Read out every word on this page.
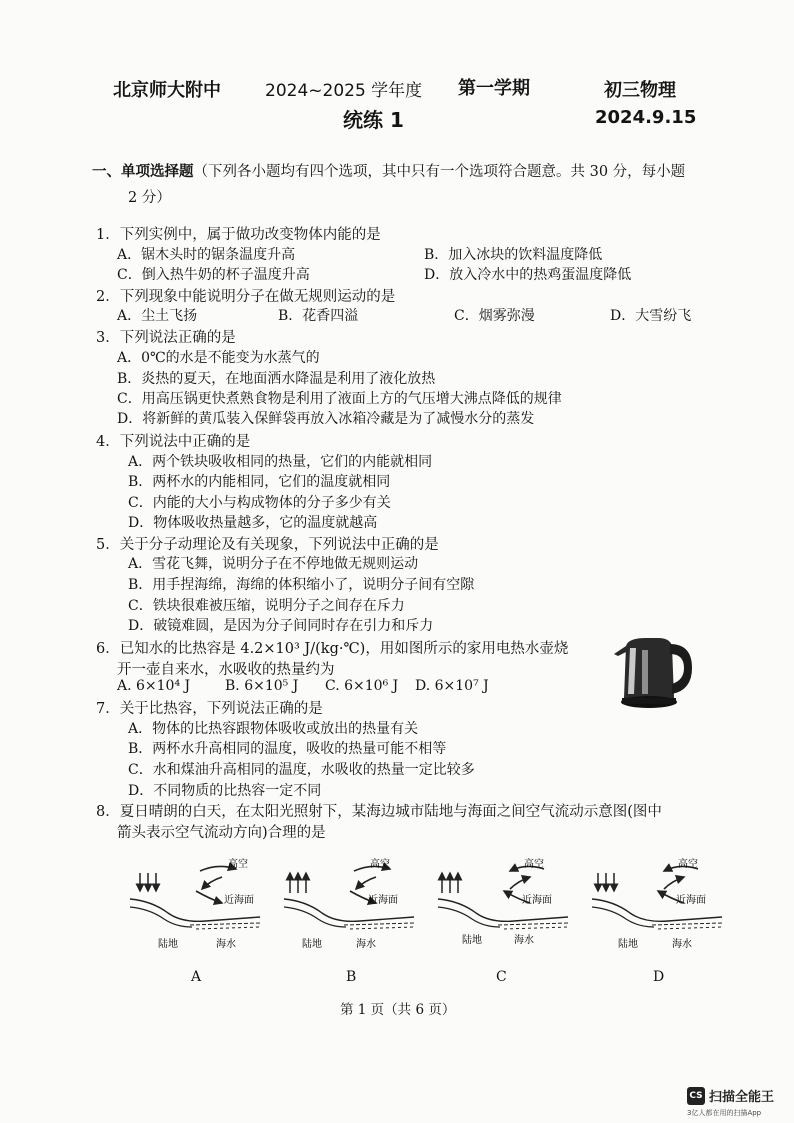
北京师大附中	2024~2025 学年度 第一学期	初三物理
统练 1	2024.9.15
一、单项选择题（下列各小题均有四个选项，其中只有一个选项符合题意。共 30 分，每小题
2 分）
1．下列实例中，属于做功改变物体内能的是
A．锯木头时的锯条温度升高	B．加入冰块的饮料温度降低
C．倒入热牛奶的杯子温度升高	D．放入冷水中的热鸡蛋温度降低
2．下列现象中能说明分子在做无规则运动的是
A．尘土飞扬	B．花香四溢	C．烟雾弥漫	D．大雪纷飞
3．下列说法正确的是
A．0℃的水是不能变为水蒸气的
B．炎热的夏天，在地面洒水降温是利用了液化放热
C．用高压锅更快煮熟食物是利用了液面上方的气压增大沸点降低的规律
D．将新鲜的黄瓜装入保鲜袋再放入冰箱冷藏是为了减慢水分的蒸发
4．下列说法中正确的是
A．两个铁块吸收相同的热量，它们的内能就相同
B．两杯水的内能相同，它们的温度就相同
C．内能的大小与构成物体的分子多少有关
D．物体吸收热量越多，它的温度就越高
5．关于分子动理论及有关现象，下列说法中正确的是
A．雪花飞舞，说明分子在不停地做无规则运动
B．用手捏海绵，海绵的体积缩小了，说明分子间有空隙
C．铁块很难被压缩，说明分子之间存在斥力
D．破镜难圆，是因为分子间同时存在引力和斥力
6．已知水的比热容是 4.2×10³ J/(kg·℃)，用如图所示的家用电热水壶烧
开一壶自来水，水吸收的热量约为
A. 6×10⁴ J B. 6×10⁵ J C. 6×10⁶ J D. 6×10⁷ J
7．关于比热容，下列说法正确的是
A．物体的比热容跟物体吸收或放出的热量有关
B．两杯水升高相同的温度，吸收的热量可能不相等
C．水和煤油升高相同的温度，水吸收的热量一定比较多
D．不同物质的比热容一定不同
8．夏日晴朗的白天，在太阳光照射下，某海边城市陆地与海面之间空气流动示意图(图中
箭头表示空气流动方向)合理的是
高空
近海面
陆地	海水
高空
近海面
陆地	海水
高空
近海面
陆地	海水
高空
近海面
陆地	海水
A	B	C	D
第 1 页（共 6 页）
CS 扫描全能王
3亿人都在用的扫描App
